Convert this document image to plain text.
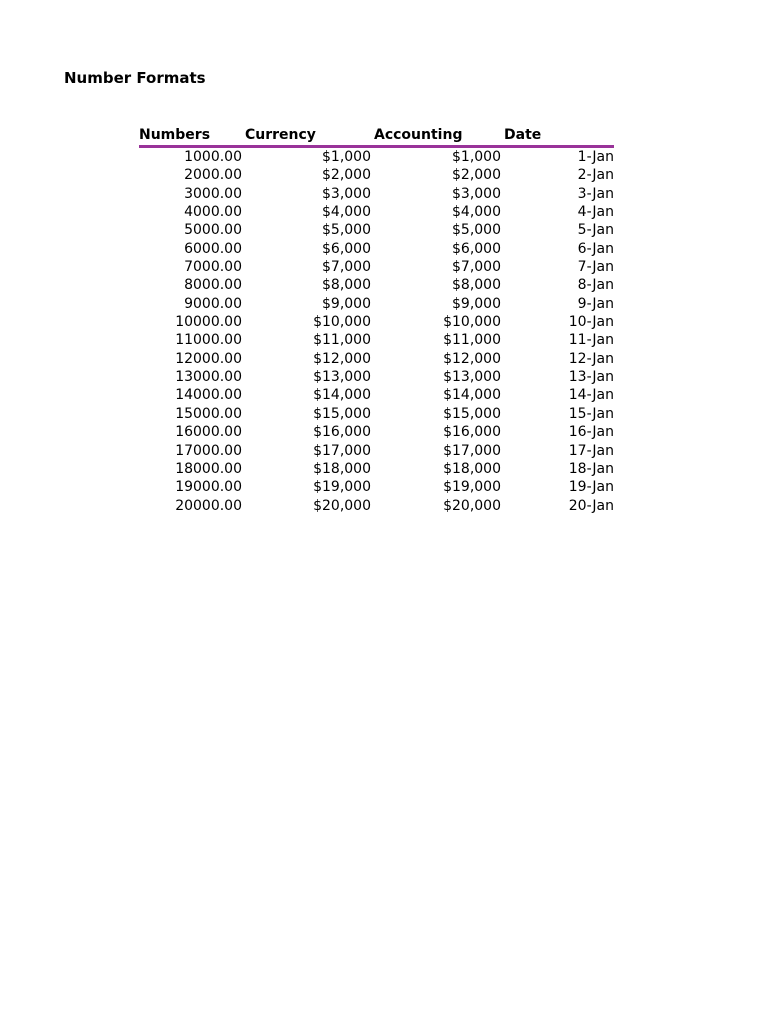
Number Formats
Numbers Currency	Accounting	Date
1000.00	$1,000	$1,000	1-Jan
2000.00	$2,000	$2,000	2-Jan
3000.00	$3,000	$3,000	3-Jan
4000.00	$4,000	$4,000	4-Jan
5000.00	$5,000	$5,000	5-Jan
6000.00	$6,000	$6,000	6-Jan
7000.00	$7,000	$7,000	7-Jan
8000.00	$8,000	$8,000	8-Jan
9000.00	$9,000	$9,000	9-Jan
10000.00	$10,000	$10,000	10-Jan
11000.00	$11,000	$11,000	11-Jan
12000.00	$12,000	$12,000	12-Jan
13000.00	$13,000	$13,000	13-Jan
14000.00	$14,000	$14,000	14-Jan
15000.00	$15,000	$15,000	15-Jan
16000.00	$16,000	$16,000	16-Jan
17000.00	$17,000	$17,000	17-Jan
18000.00	$18,000	$18,000	18-Jan
19000.00	$19,000	$19,000	19-Jan
20000.00	$20,000	$20,000	20-Jan
